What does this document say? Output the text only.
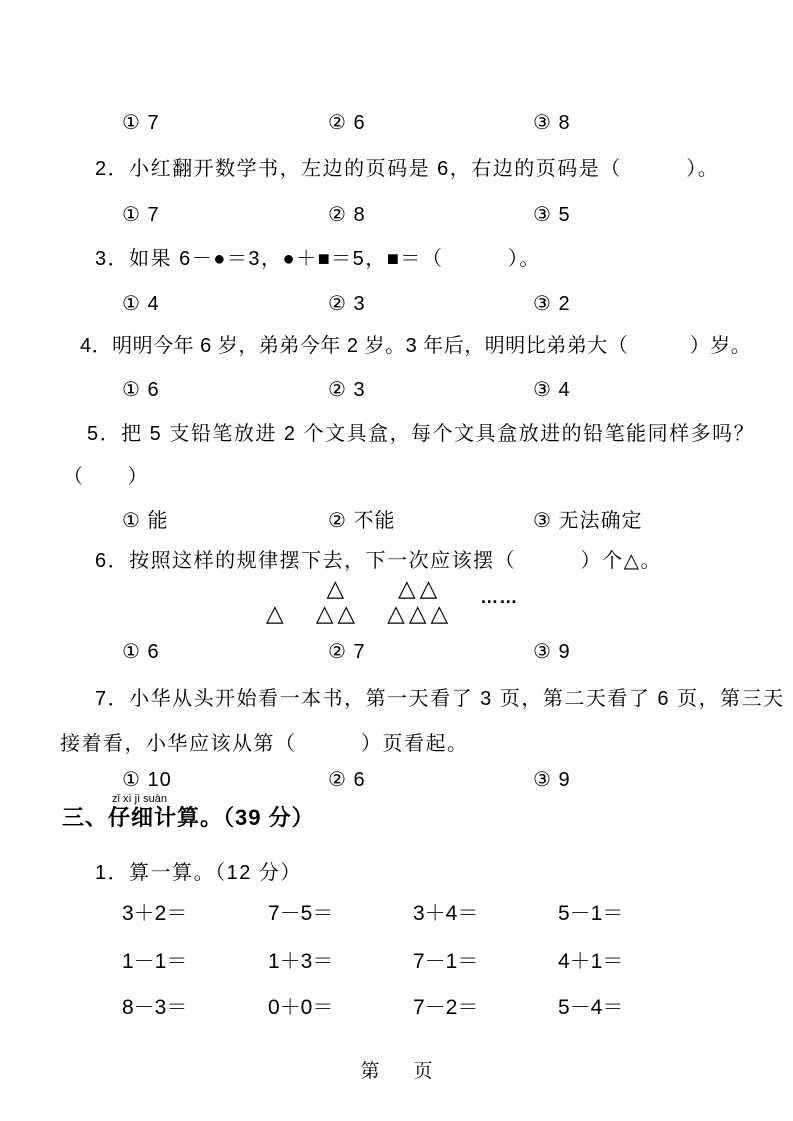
① 7	② 6	③ 8
2．小红翻开数学书，左边的页码是 6，右边的页码是（　　　）。
① 7	② 8	③ 5
3．如果 6－●＝3，●＋■＝5，■＝（　　　）。
① 4	② 3	③ 2
4．明明今年 6 岁，弟弟今年 2 岁。3 年后，明明比弟弟大（　　　）岁。
① 6	② 3	③ 4
5．把 5 支铅笔放进 2 个文具盒，每个文具盒放进的铅笔能同样多吗？
（　　）
① 能	② 不能	③ 无法确定
6．按照这样的规律摆下去，下一次应该摆（　　　）个△。
△
△
△ △
△ △
△ △ △
……
① 6	② 7	③ 9
7．小华从头开始看一本书，第一天看了 3 页，第二天看了 6 页，第三天
接着看，小华应该从第（　　　）页看起。
① 10	② 6	③ 9
三、
zǐ xì jì suàn
仔细计算 。（39 分）
1．算一算。（12 分）
3＋2＝	7－5＝	3＋4＝	5－1＝
1－1＝	1＋3＝	7－1＝	4＋1＝
8－3＝	0＋0＝	7－2＝	5－4＝
第 页
